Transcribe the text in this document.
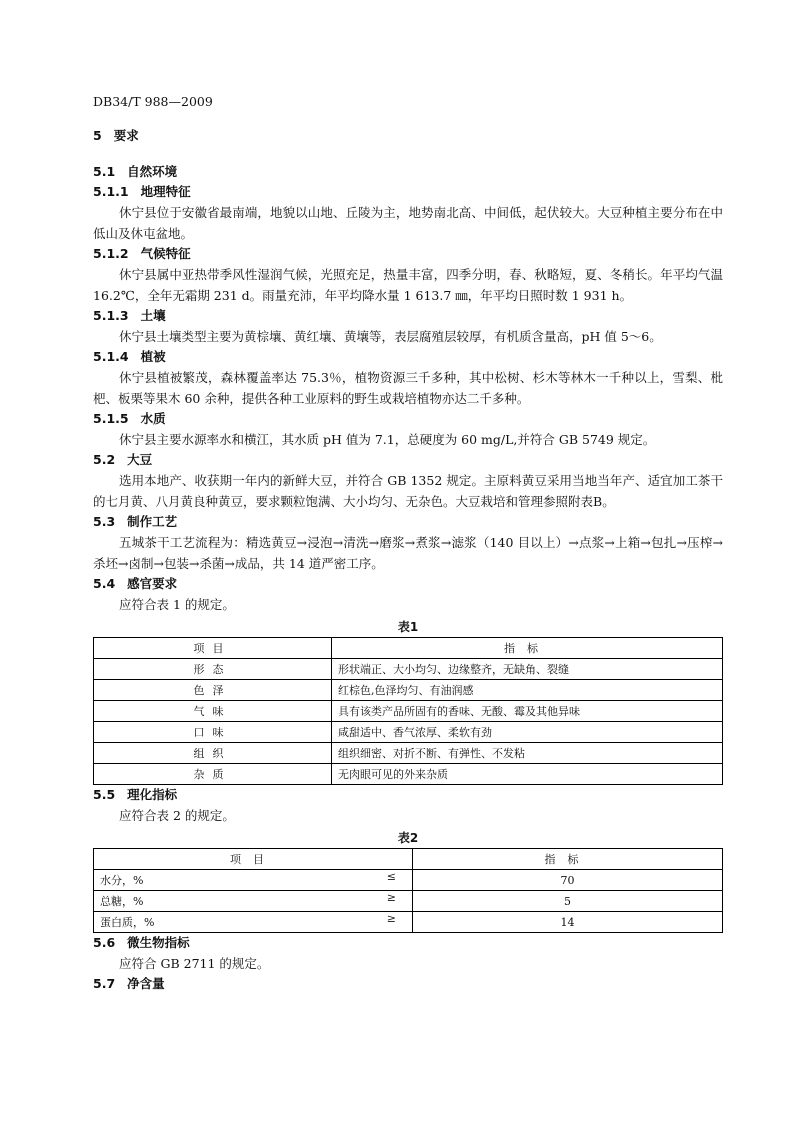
DB34/T 988—2009
5 要求
5.1 自然环境
5.1.1 地理特征
休宁县位于安徽省最南端，地貌以山地、丘陵为主，地势南北高、中间低，起伏较大。大豆种植主要分布在中低山及休屯盆地。
5.1.2 气候特征
休宁县属中亚热带季风性湿润气候，光照充足，热量丰富，四季分明，春、秋略短，夏、冬稍长。年平均气温 16.2℃，全年无霜期 231 d。雨量充沛，年平均降水量 1 613.7 ㎜，年平均日照时数 1 931 h。
5.1.3 土壤
休宁县土壤类型主要为黄棕壤、黄红壤、黄壤等，表层腐殖层较厚，有机质含量高，pH 值 5～6。
5.1.4 植被
休宁县植被繁茂，森林覆盖率达 75.3％，植物资源三千多种，其中松树、杉木等林木一千种以上，雪梨、枇杷、板栗等果木 60 余种，提供各种工业原料的野生或栽培植物亦达二千多种。
5.1.5 水质
休宁县主要水源率水和横江，其水质 pH 值为 7.1，总硬度为 60 mg/L,并符合 GB 5749 规定。
5.2 大豆
选用本地产、收获期一年内的新鲜大豆，并符合 GB 1352 规定。主原料黄豆采用当地当年产、适宜加工茶干的七月黄、八月黄良种黄豆，要求颗粒饱满、大小均匀、无杂色。大豆栽培和管理参照附表B。
5.3 制作工艺
五城茶干工艺流程为：精选黄豆→浸泡→清洗→磨浆→煮浆→滤浆（140 目以上）→点浆→上箱→包扎→压榨→杀坯→卤制→包装→杀菌→成品，共 14 道严密工序。
5.4 感官要求
应符合表 1 的规定。
表1
项目	指标
形态	形状端正、大小均匀、边缘整齐，无缺角、裂缝
色泽	红棕色,色泽均匀、有油润感
气味	具有该类产品所固有的香味、无酸、霉及其他异味
口味	咸甜适中、香气浓厚、柔软有劲
组织	组织细密、对折不断、有弹性、不发粘
杂质	无肉眼可见的外来杂质
5.5 理化指标
应符合表 2 的规定。
表2
项目	指标
水分，% ≤	70
总糖，% ≥	5
蛋白质，% ≥	14
5.6 微生物指标
应符合 GB 2711 的规定。
5.7 净含量
